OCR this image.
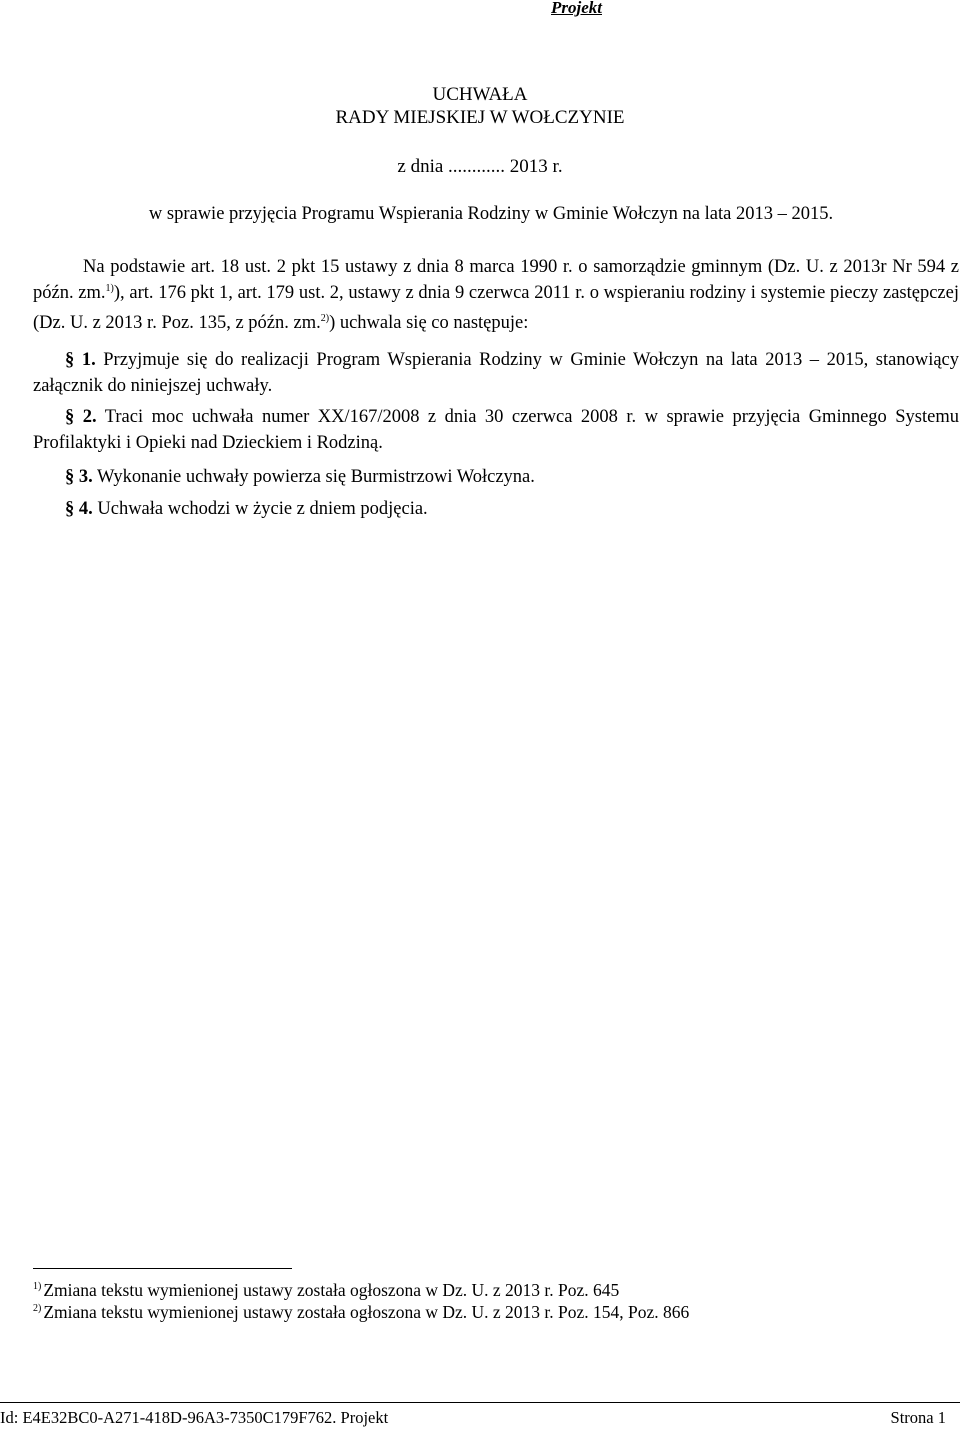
Projekt

UCHWAŁA

RADY MIEJSKIEJ W WOŁCZYNIE

z dnia ............ 2013 r.

w sprawie przyjęcia Programu Wspierania Rodziny w Gminie Wołczyn na lata 2013 – 2015.

Na podstawie art. 18 ust. 2 pkt 15 ustawy z dnia 8 marca 1990 r. o samorządzie gminnym (Dz. U. z 2013r Nr 594 z późn. zm.$^{1)}$), art. 176 pkt 1, art. 179 ust. 2, ustawy z dnia 9 czerwca 2011 r. o wspieraniu rodziny i systemie pieczy zastępczej (Dz. U. z 2013 r. Poz. 135, z późn. zm.$^{2)}$) uchwala się co następuje:

§ 1. Przyjmuje się do realizacji Program Wspierania Rodziny w Gminie Wołczyn na lata 2013 – 2015, stanowiący załącznik do niniejszej uchwały.

§ 2. Traci moc uchwała numer XX/167/2008 z dnia 30 czerwca 2008 r. w sprawie przyjęcia Gminnego Systemu Profilaktyki i Opieki nad Dzieckiem i Rodziną.

§ 3. Wykonanie uchwały powierza się Burmistrzowi Wołczyna.

§ 4. Uchwała wchodzi w życie z dniem podjęcia.

$^{1)}$ Zmiana tekstu wymienionej ustawy została ogłoszona w Dz. U. z 2013 r. Poz. 645

$^{2)}$ Zmiana tekstu wymienionej ustawy została ogłoszona w Dz. U. z 2013 r. Poz. 154, Poz. 866

Id: E4E32BC0-A271-418D-96A3-7350C179F762. Projekt	Strona 1
